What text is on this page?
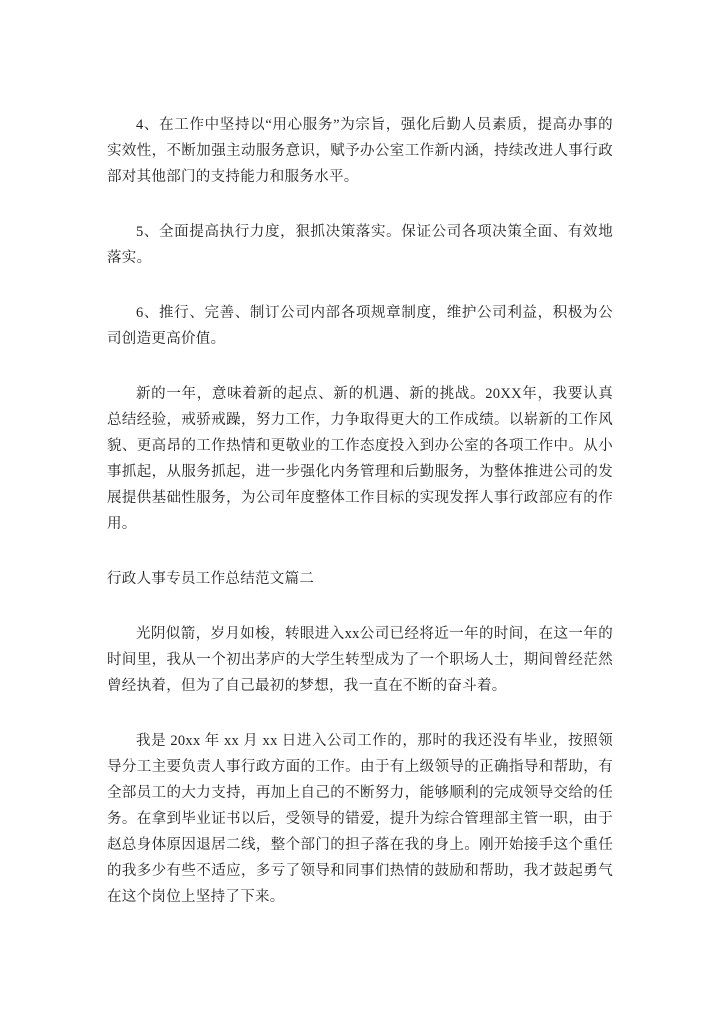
4、在工作中坚持以“用心服务”为宗旨，强化后勤人员素质，提高办事的实效性，不断加强主动服务意识，赋予办公室工作新内涵，持续改进人事行政部对其他部门的支持能力和服务水平。

5、全面提高执行力度，狠抓决策落实。保证公司各项决策全面、有效地落实。

6、推行、完善、制订公司内部各项规章制度，维护公司利益，积极为公司创造更高价值。

新的一年，意味着新的起点、新的机遇、新的挑战。20XX年，我要认真总结经验，戒骄戒躁，努力工作，力争取得更大的工作成绩。以崭新的工作风貌、更高昂的工作热情和更敬业的工作态度投入到办公室的各项工作中。从小事抓起，从服务抓起，进一步强化内务管理和后勤服务，为整体推进公司的发展提供基础性服务，为公司年度整体工作目标的实现发挥人事行政部应有的作用。

行政人事专员工作总结范文篇二

光阴似箭，岁月如梭，转眼进入xx公司已经将近一年的时间，在这一年的时间里，我从一个初出茅庐的大学生转型成为了一个职场人士，期间曾经茫然曾经执着，但为了自己最初的梦想，我一直在不断的奋斗着。

我是 20xx 年 xx 月 xx 日进入公司工作的，那时的我还没有毕业，按照领导分工主要负责人事行政方面的工作。由于有上级领导的正确指导和帮助，有全部员工的大力支持，再加上自己的不断努力，能够顺利的完成领导交给的任务。在拿到毕业证书以后，受领导的错爱，提升为综合管理部主管一职，由于赵总身体原因退居二线，整个部门的担子落在我的身上。刚开始接手这个重任的我多少有些不适应，多亏了领导和同事们热情的鼓励和帮助，我才鼓起勇气在这个岗位上坚持了下来。
